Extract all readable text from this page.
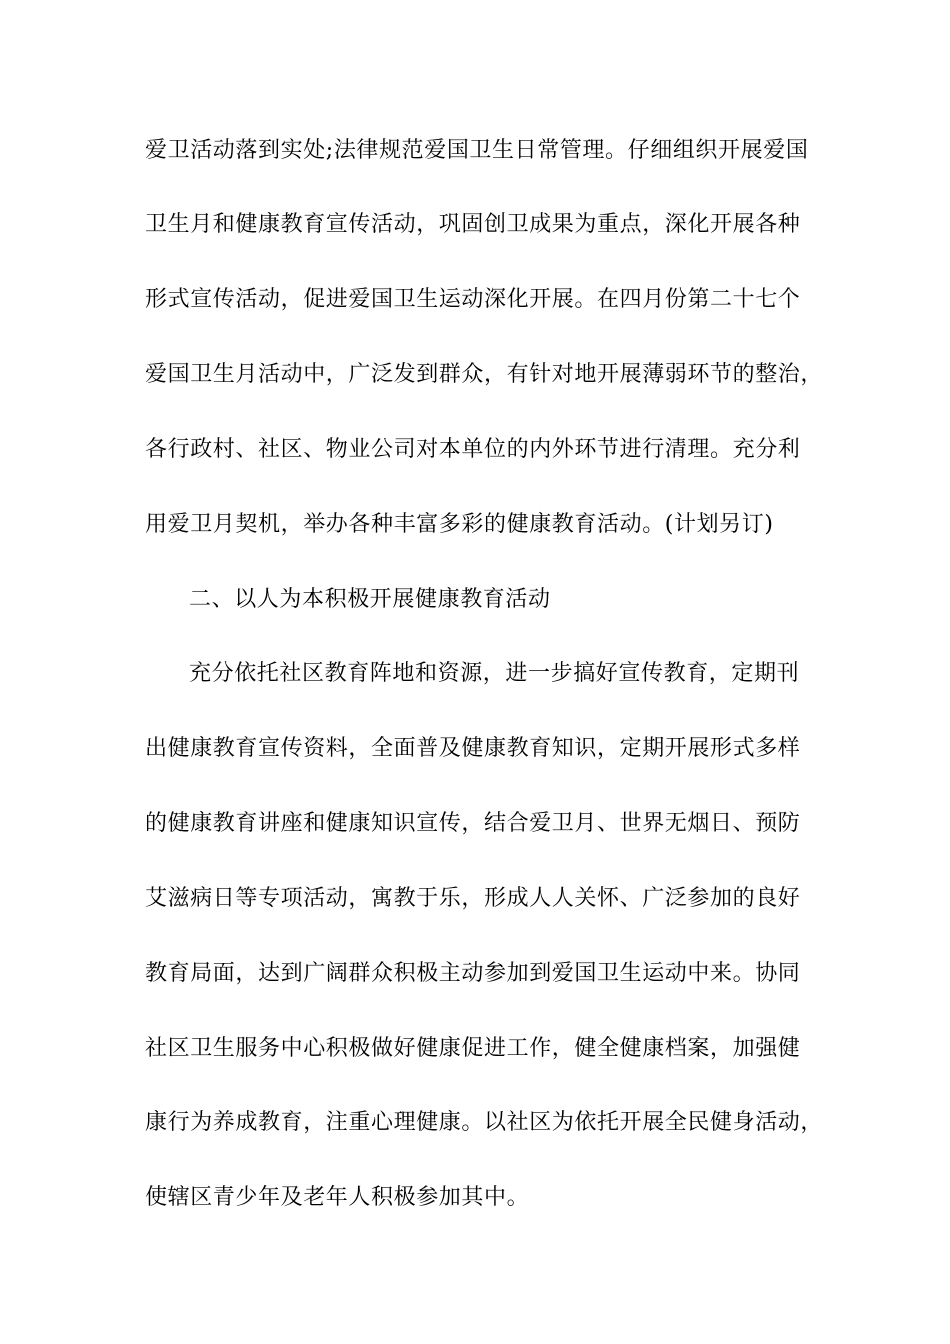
爱卫活动落到实处;法律规范爱国卫生日常管理。仔细组织开展爱国
卫生月和健康教育宣传活动，巩固创卫成果为重点，深化开展各种
形式宣传活动，促进爱国卫生运动深化开展。在四月份第二十七个
爱国卫生月活动中，广泛发到群众，有针对地开展薄弱环节的整治，
各行政村、社区、物业公司对本单位的内外环节进行清理。充分利
用爱卫月契机，举办各种丰富多彩的健康教育活动。(计划另订)
二、以人为本积极开展健康教育活动
充分依托社区教育阵地和资源，进一步搞好宣传教育，定期刊
出健康教育宣传资料，全面普及健康教育知识，定期开展形式多样
的健康教育讲座和健康知识宣传，结合爱卫月、世界无烟日、预防
艾滋病日等专项活动，寓教于乐，形成人人关怀、广泛参加的良好
教育局面，达到广阔群众积极主动参加到爱国卫生运动中来。协同
社区卫生服务中心积极做好健康促进工作，健全健康档案，加强健
康行为养成教育，注重心理健康。以社区为依托开展全民健身活动，
使辖区青少年及老年人积极参加其中。
